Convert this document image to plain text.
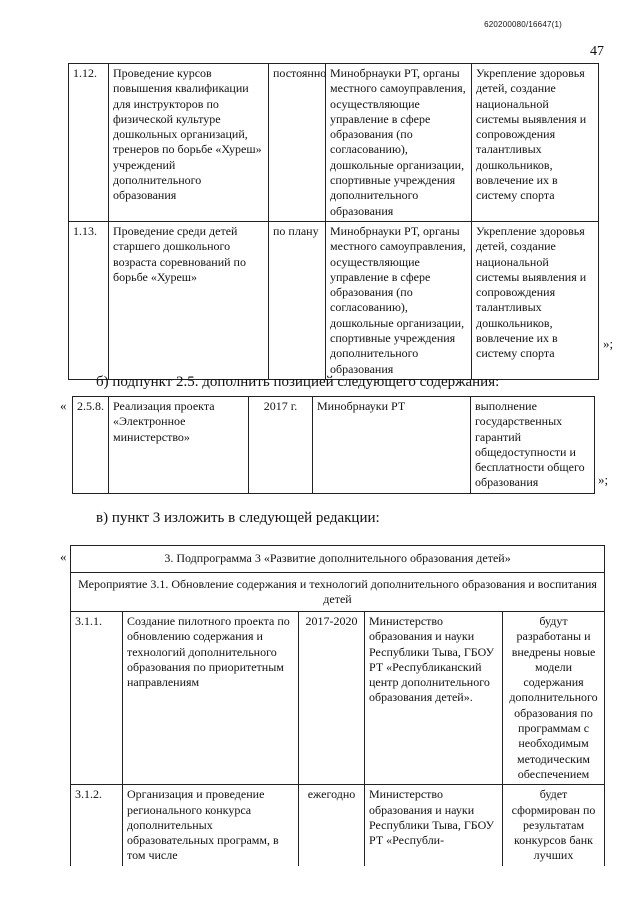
620200080/16647(1)
47
1.12.	Проведение курсов повышения квалификации для инструкторов по физической культуре дошкольных организаций, тренеров по борьбе «Хуреш» учреждений дополнительного образования	постоянно	Минобрнауки РТ, органы местного самоуправления, осуществляющие управление в сфере образования (по согласованию), дошкольные организации, спортивные учреждения дополнительного образования	Укрепление здоровья детей, создание национальной системы выявления и сопровождения талантливых дошкольников, вовлечение их в систему спорта
1.13.	Проведение среди детей старшего дошкольного возраста соревнований по борьбе «Хуреш»	по плану	Минобрнауки РТ, органы местного самоуправления, осуществляющие управление в сфере образования (по согласованию), дошкольные организации, спортивные учреждения дополнительного образования	Укрепление здоровья детей, создание национальной системы выявления и сопровождения талантливых дошкольников, вовлечение их в систему спорта
»;
б) подпункт 2.5. дополнить позицией следующего содержания:
« 2.5.8.	Реализация проекта «Электронное министерство»	2017 г.	Минобрнауки РТ	выполнение государственных гарантий общедоступности и бесплатности общего образования	»;
в) пункт 3 изложить в следующей редакции:
«	3. Подпрограмма 3 «Развитие дополнительного образования детей»				
Мероприятие 3.1. Обновление содержания и технологий дополнительного образования и воспитания детей				
3.1.1.	Создание пилотного проекта по обновлению содержания и технологий дополнительного образования по приоритетным направлениям	2017-2020	Министерство образования и науки Республики Тыва, ГБОУ РТ «Республиканский центр дополнительного образования детей».	будут разработаны и внедрены новые модели содержания дополнительного образования по программам с необходимым методическим обеспечением
3.1.2.	Организация и проведение регионального конкурса дополнительных образовательных программ, в том числе	ежегодно	Министерство образования и науки Республики Тыва, ГБОУ РТ «Республи-	будет сформирован по результатам конкурсов банк лучших
